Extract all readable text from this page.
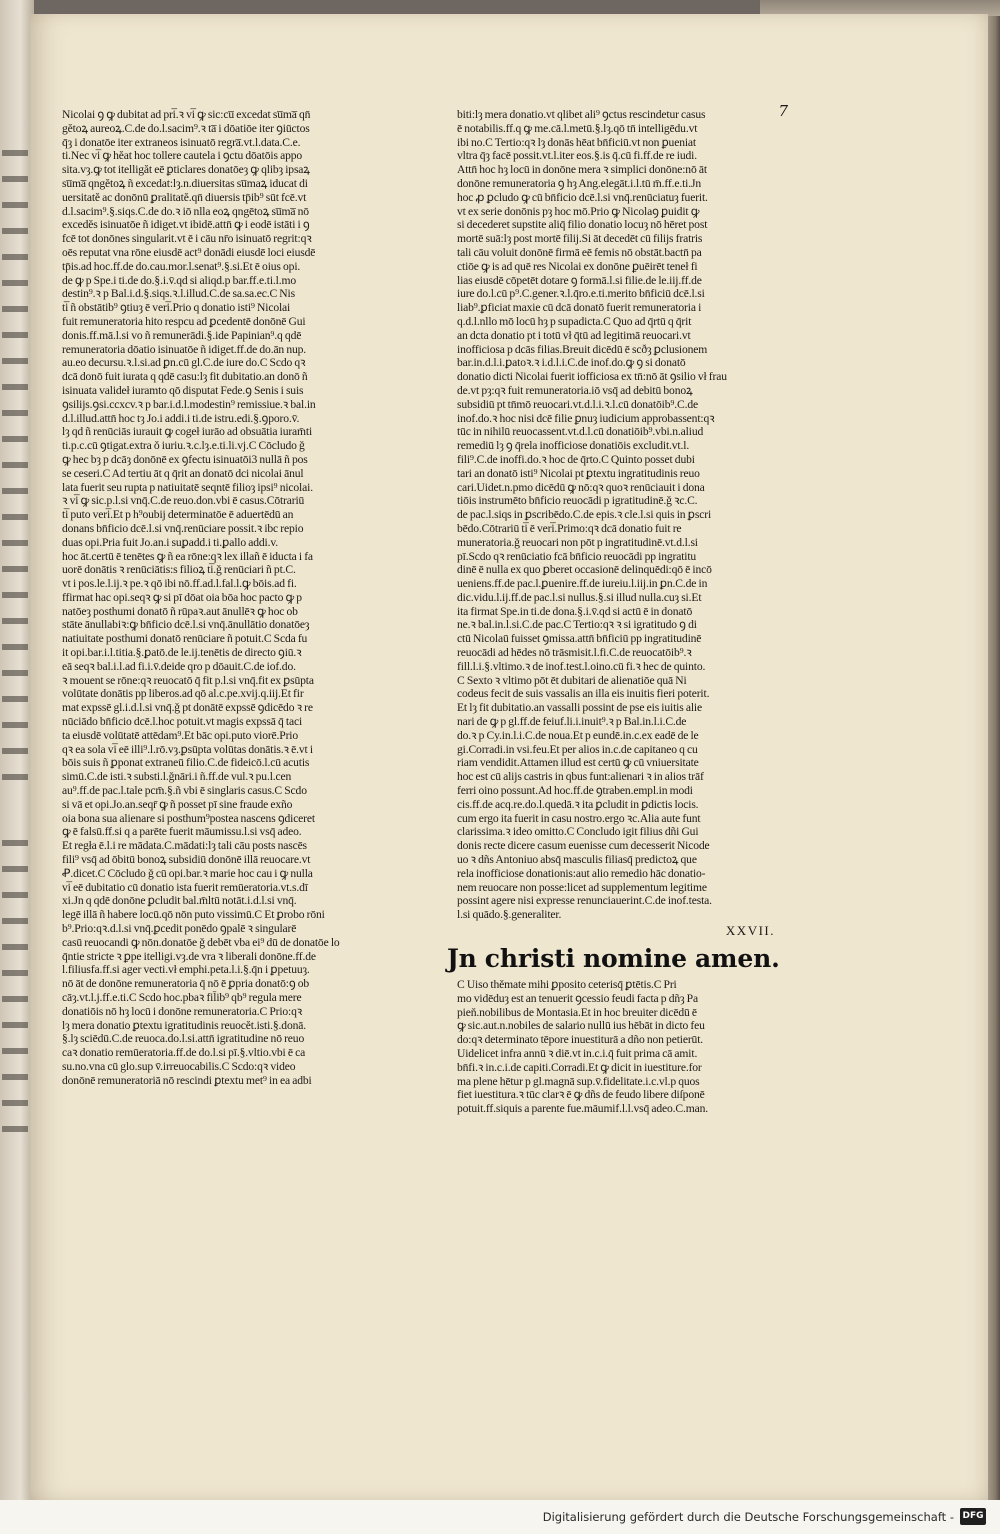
7
Nicolai ꝯ ꝙ dubitat ad pri̅.ꝛ vi̅ ꝙ sic:cu̅ excedat su̅ma̅ qn̄
gĕtoꝝ aureoꝝ.C.de do.l.sacim⁹.ꝛ ta̅ i dōatiōe iter ꝯiūctos
q̄ȝ i donatōe iter extraneos isinuatō regra̅.vt.l.data.C.e.
ti.Nec vi̅ ꝙ hĕat hoc tollere cautela i ꝯctu dōatōis appo
sita.vȝ.ꝙ tot itelligăt eē ꝑticlares donatōeȝ ꝙ qlibȝ ipsaꝝ
su̅ma̅ qngĕtoꝝ ñ excedat:lȝ.n.diuersitas su̅maꝝ iducat di
uersitatĕ ac donōnū ꝑralitatĕ.qn̄ diuersis tp̄ib⁹ sūt fcē.vt
d.l.sacim⁹.§.siqs.C.de do.ꝛ iō nlla eoꝝ qngētoꝝ su̅ma̅ nō
excedĕs isinuatōe ñ idiget.vt ibidē.attn̄ ꝙ i eodē istāti i ꝯ
fcē tot donōnes singularit.vt ē i cāu nr̄o isinuatō regrit:qꝛ
oēs reputat vna rōne eiusdē act⁹ donādi eiusdē loci eiusdē
tp̄is.ad hoc.ff.de do.cau.mor.l.senat⁹.§.si.Et ē oius opi.
de ꝙ p Spe.i ti.de do.§.i.v̄.qd si aliqd.p bar.ff.e.ti.l.mo
destin⁹.ꝛ p Bal.i.d.§.siqs.ꝛ.l.illud.C.de sa.sa.ec.C Nis
ti̅ ñ obstātib⁹ ꝯtiuȝ ē veri̅.Prio q donatio isti⁹ Nicolai
fuit remuneratoria hito respcu ad ꝑcedentē donōnē Gui
donis.ff.mā.l.si vo ñ remunerādi.§.ide Papinian⁹.q qdē
remuneratoria dōatio isinuatōe ñ idiget.ff.de do.ān nup.
au.eo decursu.ꝛ.l.si.ad ꝑn.cū gl.C.de iure do.C Scdo qꝛ
dcā donō fuit iurata q qdē casu:lȝ fit dubitatio.an donō ñ
isinuata valideł iuramto qō disputat Fede.ꝯ Senis i suis
ꝯsilijs.ꝯsi.ccxcv.ꝛ p bar.i.d.l.modestin⁹ remissiue.ꝛ bal.in
d.l.illud.attn̄ hoc tȝ Jo.i addi.i ti.de istru.edi.§.ꝯporo.v̄.
lȝ qd ñ renūciās iurauit ꝙ cogeł iurāo ad obsuātia iuram̄ti
ti.p.c.cū ꝯtigat.extra ǒ iuriu.ꝛ.c.lȝ.e.ti.li.vj.C Cōcludo ǧ
ꝙ hec bȝ p dcāȝ donōnē ex ꝯfectu isinuatōi3 nullā ñ pos
se ceseri.C Ad tertiu āt q q̄rit an donatō dci nicolai ānul
lata fuerit seu rupta p natiuitatē seqntē filioȝ ipsi⁹ nicolai.
ꝛ vi̅ ꝙ sic.p.l.si vnq̄.C.de reuo.don.vbi ē casus.Cōtrariū
ti̅ puto veri̅.Et p h⁹oubij determinatōe ē aduertēdū an
donans bn̄ficio dcē.l.si vnq̄.renūciare possit.ꝛ ibc repio
duas opi.Pria fuit Jo.an.i suꝑadd.i ti.ꝑallo addi.v.
hoc āt.certū ē tenētes ꝙ ñ ea rōne:qꝛ lex illañ ē iducta i fa
uorē donātis ꝛ renūciātis:s filioꝝ ti̅.ǧ renūciari ñ pt.C.
vt i pos.le.l.ij.ꝛ pe.ꝛ qō ibi nō.ff.ad.l.fal.l.ꝙ bōis.ad fi.
ffirmat hac opi.seqꝛ ꝙ si pī dōat oia bōa hoc pacto ꝙ p
natōeȝ posthumi donatō ñ rūpaꝛ.aut ānullēꝛ ꝙ hoc ob
stāte ānullabiꝛ:ꝙ bn̄ficio dcē.l.si vnq̄.ānullātio donatōeȝ
natiuitate posthumi donatō renūciare ñ potuit.C Scda fu
it opi.bar.i.l.titia.§.ꝑatō.de le.ij.tenētis de directo ꝯiū.ꝛ
eā seqꝛ bal.i.l.ad fi.i.v̄.deide qro p dōauit.C.de iof.do.
ꝛ mouent se rōne:qꝛ reuocatō q̄ fit p.l.si vnq̄.fit ex ꝑsūpta
volūtate donātis pp liberos.ad qō al.c.pe.xvij.q.iij.Et fir
mat expssē gl.i.d.l.si vnq̄.ǧ pt donātē expssē ꝯdicēdo ꝛ re
nūciādo bn̄ficio dcē.l.hoc potuit.vt magis expssā q̄ taci
ta eiusdē volūtatē attēdam⁹.Et bāc opi.puto viorē.Prio
qꝛ ea sola vi̅ eē illi⁹.l.rō.vȝ.ꝑsūpta volūtas donātis.ꝛ ē.vt i
bōis suis ñ ꝑponat extraneū filio.C.de fideicō.l.cū acutis
simū.C.de isti.ꝛ substi.l.ǧnāri.i ñ.ff.de vul.ꝛ pu.l.cen
au⁹.ff.de pac.l.tale pcm̄.§.ñ vbi ē singlaris casus.C Scdo
si vā et opi.Jo.an.seqr̄ ꝙ ñ posset pī sine fraude exño
oia bona sua alienare si posthum⁹postea nascens ꝯdiceret
ꝙ ē falsū.ff.si q a parēte fuerit māumissu.l.si vsq̄ adeo.
Et regła ē.l.i re mādata.C.mādati:lȝ tali cāu posts nascēs
fili⁹ vsq̄ ad ōbitū bonoꝝ subsidiū donōnē illā reuocare.vt
Ꝓ.dicet.C Cōcludo ǧ cū opi.bar.ꝛ marie hoc cau i ꝙ nulla
vi̅ eē dubitatio cū donatio ista fuerit remūeratoria.vt.s.dī
xi.Jn q qdē donōne ꝑcludit bal.m̄ltū notāt.i.d.l.si vnq̄.
legē illā ñ habere locū.qō nōn puto vissimū.C Et ꝑrobo rōni
b⁹.Prio:qꝛ.d.l.si vnq̄.ꝑcedit ponēdo ꝯpalē ꝛ singularē
casū reuocandi ꝙ nōn.donatōe ǧ debēt vba ei⁹ dū de donatōe lo
q̄ntie stricte ꝛ ꝑpe itelligi.vȝ.de vra ꝛ liberali donōne.ff.de
l.filiusfa.ff.si ager vecti.vł emphi.peta.l.i.§.q̄n i ꝑpetuuȝ.
nō āt de donōne remuneratoria q̄ nō ē ꝑpria donatō:ꝯ ob
cāȝ.vt.l.j.ff.e.ti.C Scdo hoc.pbaꝛ fil̄ib⁹ qb⁹ regula mere
donatiōis nō hȝ locū i donōne remuneratoria.C Prio:qꝛ
lȝ mera donatio ꝑtextu igratitudinis reuocĕt.isti.§.donā.
§.lȝ sciēdū.C.de reuoca.do.l.si.attn̄ igratitudine nō reuo
caꝛ donatio remūeratoria.ff.de do.l.si pī.§.vltio.vbi ē ca
su.no.vna cū glo.sup v̄.irreuocabilis.C Scdo:qꝛ video
donōnē remuneratoriā nō rescindi ꝑtextu met⁹ in ea adbi
biti:lȝ mera donatio.vt qlibet ali⁹ ꝯctus rescindetur casus
ē notabilis.ff.q ꝙ me.cā.l.metū.§.lȝ.qō tn̄ intelligēdu.vt
ibi no.C Tertio:qꝛ lȝ donās hēat bn̄ficiū.vt non ꝑueniat
vltra q̄ȝ facē possit.vt.l.iter eos.§.is q̄.cū fi.ff.de re iudi.
Attn̄ hoc hȝ locū in donōne mera ꝛ simplici donōne:nō āt
donōne remuneratoria ꝯ hȝ Ang.elegāt.i.l.tū m̄.ff.e.ti.Jn
hoc ꝓ ꝑcludo ꝙ cū bn̄ficio dcē.l.si vnq̄.renūciatuȝ fuerit.
vt ex serie donōnis pȝ hoc mō.Prio ꝙ Nicolaꝯ ꝑuidit ꝙ
si decederet supstite aliq̄ filio donatio locuȝ nō hēret post
mortē suā:lȝ post mortē filij.Si āt decedēt cū filijs fratris
tali cāu voluit donōnē firmā eē femis nō obstāt.bactn̄ pa
ctiōe ꝙ is ad quē res Nicolai ex donōne ꝑuēirēt teneł fi
lias eiusdē cōpetēt dotare ꝯ formā.l.si filie.de le.iij.ff.de
iure do.l.cū p⁹.C.gener.ꝛ.l.q̄ro.e.ti.merito bn̄ficiū dcē.l.si
liab⁹.ꝑficiat maxie cū dcā donatō fuerit remuneratoria i
q.d.l.nllo mō locū hȝ p supadicta.C Quo ad q̄rtū q q̄rit
an dcta donatio pt i totū vł q̄tū ad legitimā reuocari.vt
inofficiosa p dcās filias.Breuit dicēdū ē scðȝ ꝑclusionem
bar.in.d.l.i.ꝑatoꝛ.ꝛ i.d.l.i.C.de inof.do.ꝙ ꝯ si donatō
donatio dicti Nicolai fuerit iofficiosa ex tn̄:nō āt ꝯsilio vł frau
de.vt pȝ:qꝛ fuit remuneratoria.iō vsq̄ ad debitū bonoꝝ
subsidiū pt tn̄mō reuocari.vt.d.l.i.ꝛ.l.cū donatōib⁹.C.de
inof.do.ꝛ hoc nisi dcē filie ꝑnuȝ iudicium approbassent:qꝛ
tūc in nihilū reuocassent.vt.d.l.cū donatiōib⁹.vbi.n.aliud
remediū lȝ ꝯ q̄rela inofficiose donatiōis excludit.vt.l.
fili⁹.C.de inoffi.do.ꝛ hoc de q̄rto.C Quinto posset dubi
tari an donatō isti⁹ Nicolai pt ꝑtextu ingratitudinis reuo
cari.Uidet.n.pmo dicēdū ꝙ nō:qꝛ quoꝛ renūciauit i dona
tiōis instrumēto bn̄ficio reuocādi p igratitudinē.ǧ ꝛc.C.
de pac.l.siqs in ꝑscribēdo.C.de epis.ꝛ cle.l.si quis in ꝑscri
bēdo.Cōtrariū ti̅ ē veri̅.Primo:qꝛ dcā donatio fuit re
muneratoria.ǧ reuocari non pōt p ingratitudinē.vt.d.l.si
pī.Scdo qꝛ renūciatio fcā bn̄ficio reuocādi pp ingratitu
dinē ē nulla ex quo ꝑberet occasionē delinquēdi:qō ē incō
ueniens.ff.de pac.l.ꝑuenire.ff.de iureiu.l.iij.in ꝑn.C.de in
dic.vidu.l.ij.ff.de pac.l.si nullus.§.si illud nulla.cuȝ si.Et
ita firmat Spe.in ti.de dona.§.i.v̄.qd si actū ē in donatō
ne.ꝛ bal.in.l.si.C.de pac.C Tertio:qꝛ ꝛ si igratitudo ꝯ di
ctū Nicolaū fuisset ꝯmissa.attn̄ bn̄ficiū pp ingratitudinē
reuocādi ad hēdes nō trāsmisit.l.fi.C.de reuocatōib⁹.ꝛ
fill.l.i.§.vltimo.ꝛ de inof.test.l.oino.cū fi.ꝛ hec de quinto.
C Sexto ꝛ vltimo pōt ēt dubitari de alienatiōe quā Ni
codeus fecit de suis vassalis an illa eis inuitis fieri poterit.
Et lȝ fit dubitatio.an vassalli possint de pse eis iuitis alie
nari de ꝙ p gl.ff.de feiuf.li.i.inuit⁹.ꝛ p Bal.in.l.i.C.de
do.ꝛ p Cy.in.l.i.C.de noua.Et p eundē.in.c.ex eadē de le
gi.Corradi.in vsi.feu.Et per alios in.c.de capitaneo q cu
riam vendidit.Attamen illud est certū ꝙ cū vniuersitate
hoc est cū alijs castris in qbus funt:alienari ꝛ in alios trāf
ferri oino possunt.Ad hoc.ff.de ꝯtraben.empl.in modi
cis.ff.de acq.re.do.l.quedā.ꝛ ita ꝑcludit in ꝑdictis locis.
cum ergo ita fuerit in casu nostro.ergo ꝛc.Alia aute funt
clarissima.ꝛ ideo omitto.C Concludo igit filius dñi Gui
donis recte dicere casum euenisse cum decesserit Nicode
uo ꝛ dñs Antoniuo absq̄ masculis filiasq̄ predictoꝝ que
rela inofficiose donationis:aut alio remedio hāc donatio-
nem reuocare non posse:licet ad supplementum legitime
possint agere nisi expresse renunciauerint.C.de inof.testa.
l.si quādo.§.generaliter.
XXVII.
Jn christi nomine amen.
C Uiso thěmate mihi ꝑposito ceterisq̄ ꝑtētis.C Pri
mo vidēduȝ est an tenuerit ꝯcessio feudi facta p dñȝ Pa
pieň.nobilibus de Montasia.Et in hoc breuiter dicēdū ē
ꝙ sic.aut.n.nobiles de salario nullū ius hēbāt in dicto feu
do:qꝛ determinato tēpore inuestiturā a dño non petierūt.
Uidelicet infra annū ꝛ diē.vt in.c.i.q̄ fuit prima cā amit.
bn̄fi.ꝛ in.c.i.de capiti.Corradi.Et ꝙ dicit in iuestiture.for
ma plene hētur p gl.magnā sup.v̄.fidelitate.i.c.vl.p quos
fiet iuestitura.ꝛ tūc clarꝛ ē ꝙ dñs de feudo libere diſponē
potuit.ff.siquis a parente fue.māumif.l.l.vsq̄ adeo.C.man.
Digitalisierung gefördert durch die Deutsche Forschungsgemeinschaft - DFG
